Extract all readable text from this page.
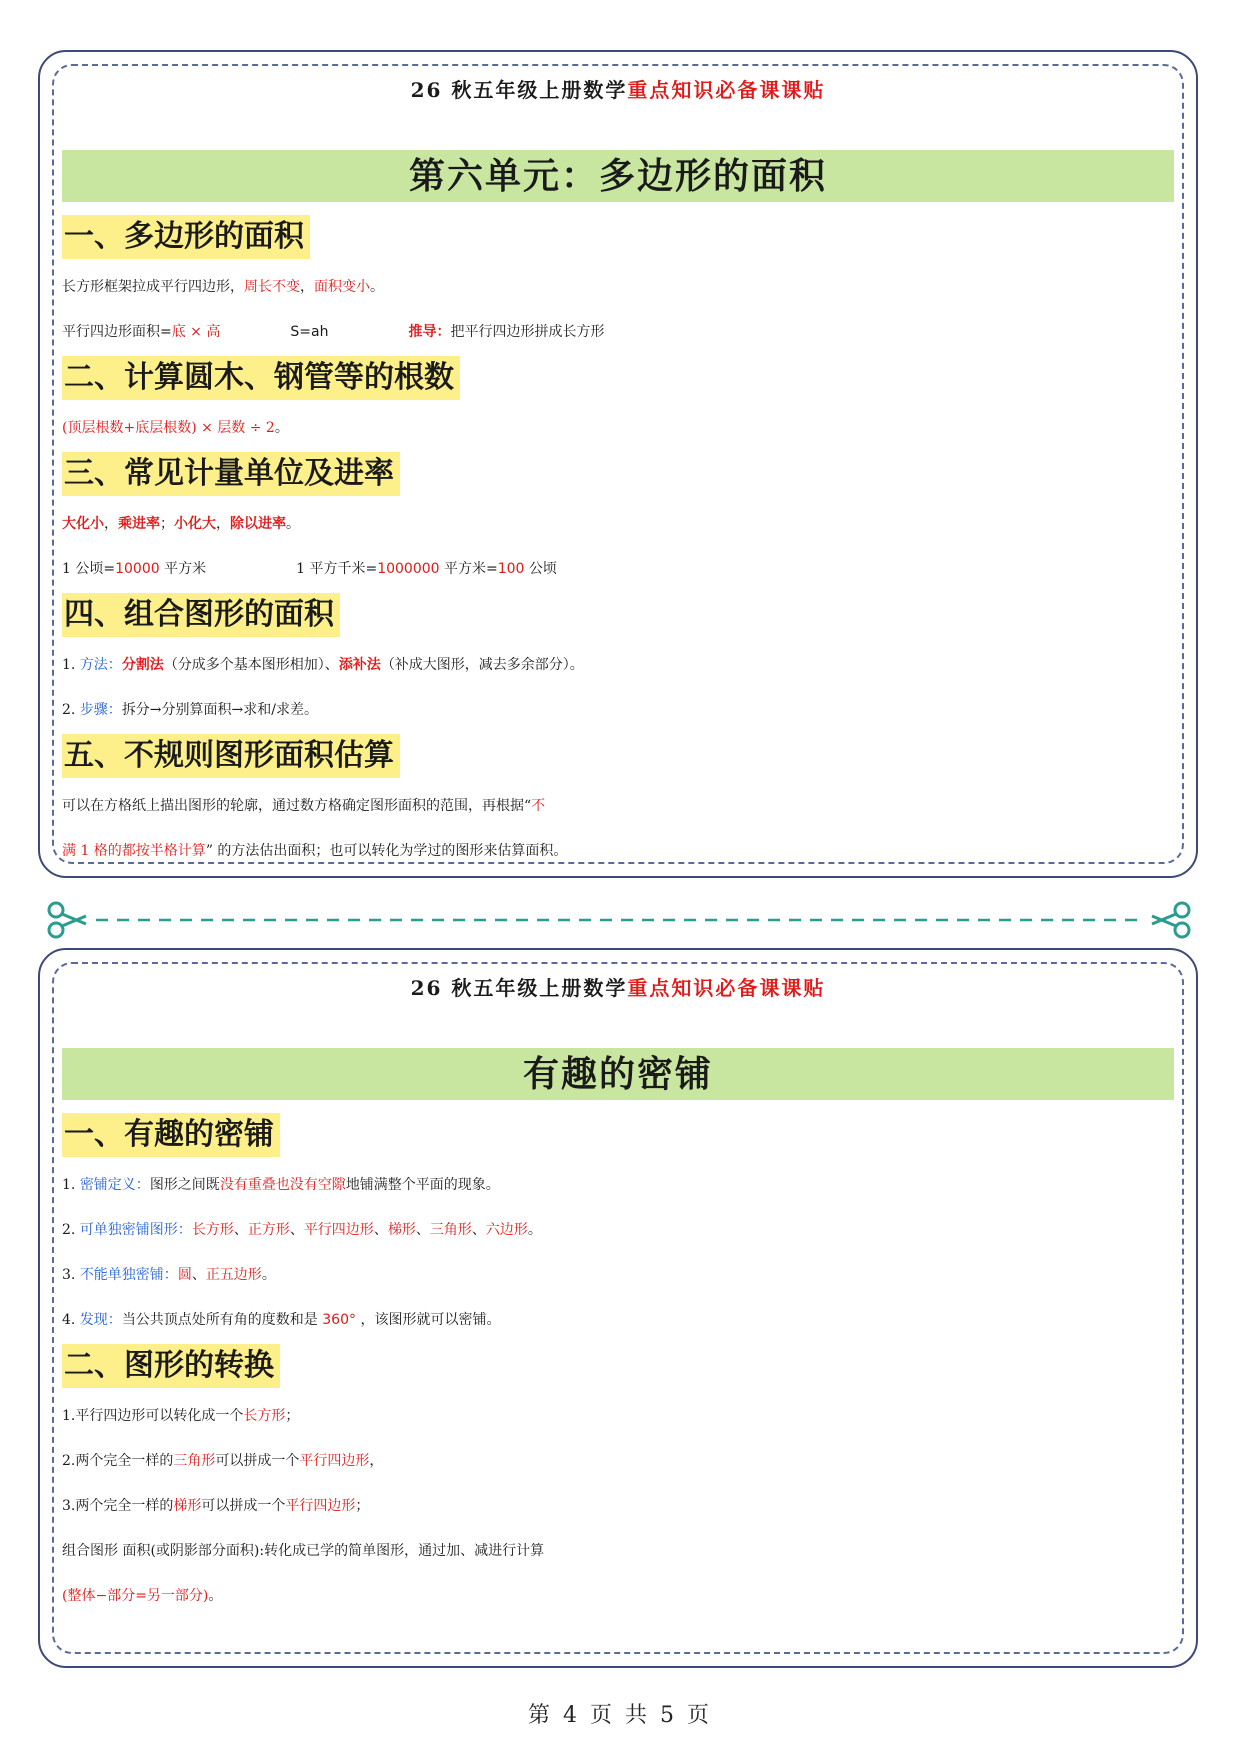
26 秋五年级上册数学重点知识必备课课贴
第六单元：多边形的面积
一、多边形的面积
长方形框架拉成平行四边形，周长不变，面积变小。
平行四边形面积=底 × 高	S=ah	推导：把平行四边形拼成长方形
二、计算圆木、钢管等的根数
(顶层根数+底层根数) × 层数 ÷ 2。
三、常见计量单位及进率
大化小，乘进率；小化大，除以进率。
1 公顷=10000 平方米	1 平方千米=1000000 平方米=100 公顷
四、组合图形的面积
1. 方法：分割法（分成多个基本图形相加）、添补法（补成大图形，减去多余部分）。
2. 步骤：拆分→分别算面积→求和/求差。
五、不规则图形面积估算
可以在方格纸上描出图形的轮廓，通过数方格确定图形面积的范围，再根据“不
满 1 格的都按半格计算” 的方法估出面积；也可以转化为学过的图形来估算面积。
26 秋五年级上册数学重点知识必备课课贴
有趣的密铺
一、有趣的密铺
1. 密铺定义：图形之间既没有重叠也没有空隙地铺满整个平面的现象。
2. 可单独密铺图形：长方形、正方形、平行四边形、梯形、三角形、六边形。
3. 不能单独密铺：圆、正五边形。
4. 发现：当公共顶点处所有角的度数和是 360° ，该图形就可以密铺。
二、图形的转换
1.平行四边形可以转化成一个长方形；
2.两个完全一样的三角形可以拼成一个平行四边形，
3.两个完全一样的梯形可以拼成一个平行四边形；
组合图形 面积(或阴影部分面积):转化成已学的简单图形，通过加、减进行计算
(整体−部分=另一部分)。
第 4 页 共 5 页
